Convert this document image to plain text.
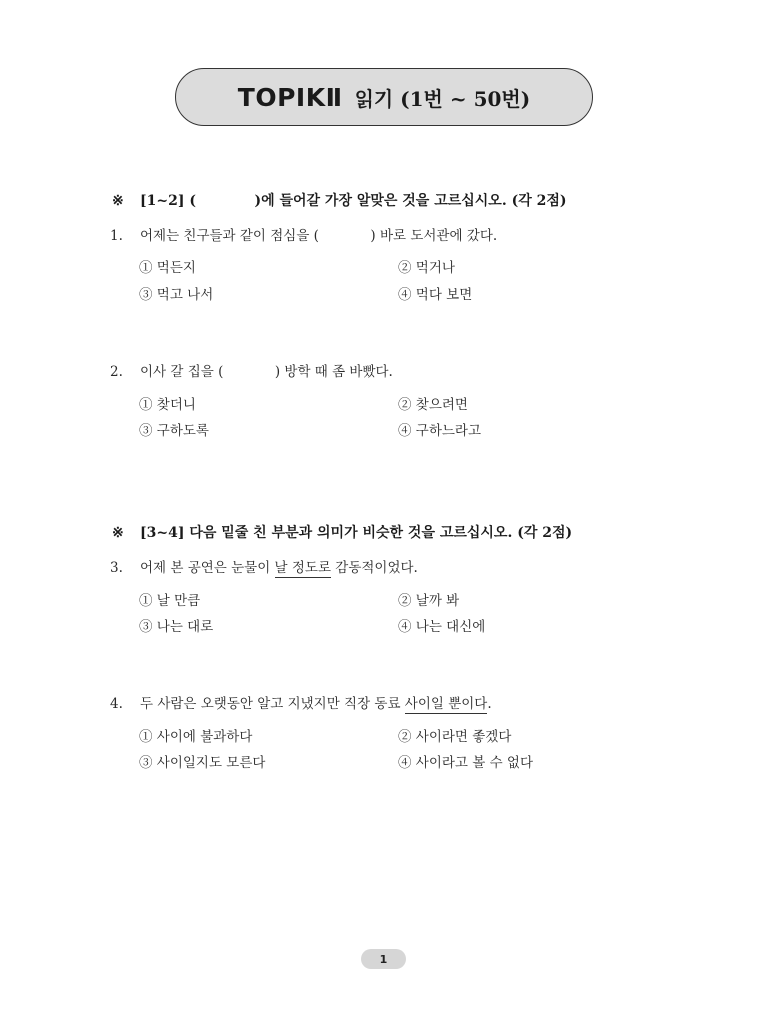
TOPIKⅡ 읽기 (1번 ~ 50번)
※ [1~2] (            )에 들어갈 가장 알맞은 것을 고르십시오. (각 2점)
1. 어제는 친구들과 같이 점심을 (            ) 바로 도서관에 갔다.
① 먹든지	② 먹거나
③ 먹고 나서	④ 먹다 보면
2. 이사 갈 집을 (            ) 방학 때 좀 바빴다.
① 찾더니	② 찾으려면
③ 구하도록	④ 구하느라고
※ [3~4] 다음 밑줄 친 부분과 의미가 비슷한 것을 고르십시오. (각 2점)
3. 어제 본 공연은 눈물이 날 정도로 감동적이었다.
① 날 만큼	② 날까 봐
③ 나는 대로	④ 나는 대신에
4. 두 사람은 오랫동안 알고 지냈지만 직장 동료 사이일 뿐이다.
① 사이에 불과하다	② 사이라면 좋겠다
③ 사이일지도 모른다	④ 사이라고 볼 수 없다
1
